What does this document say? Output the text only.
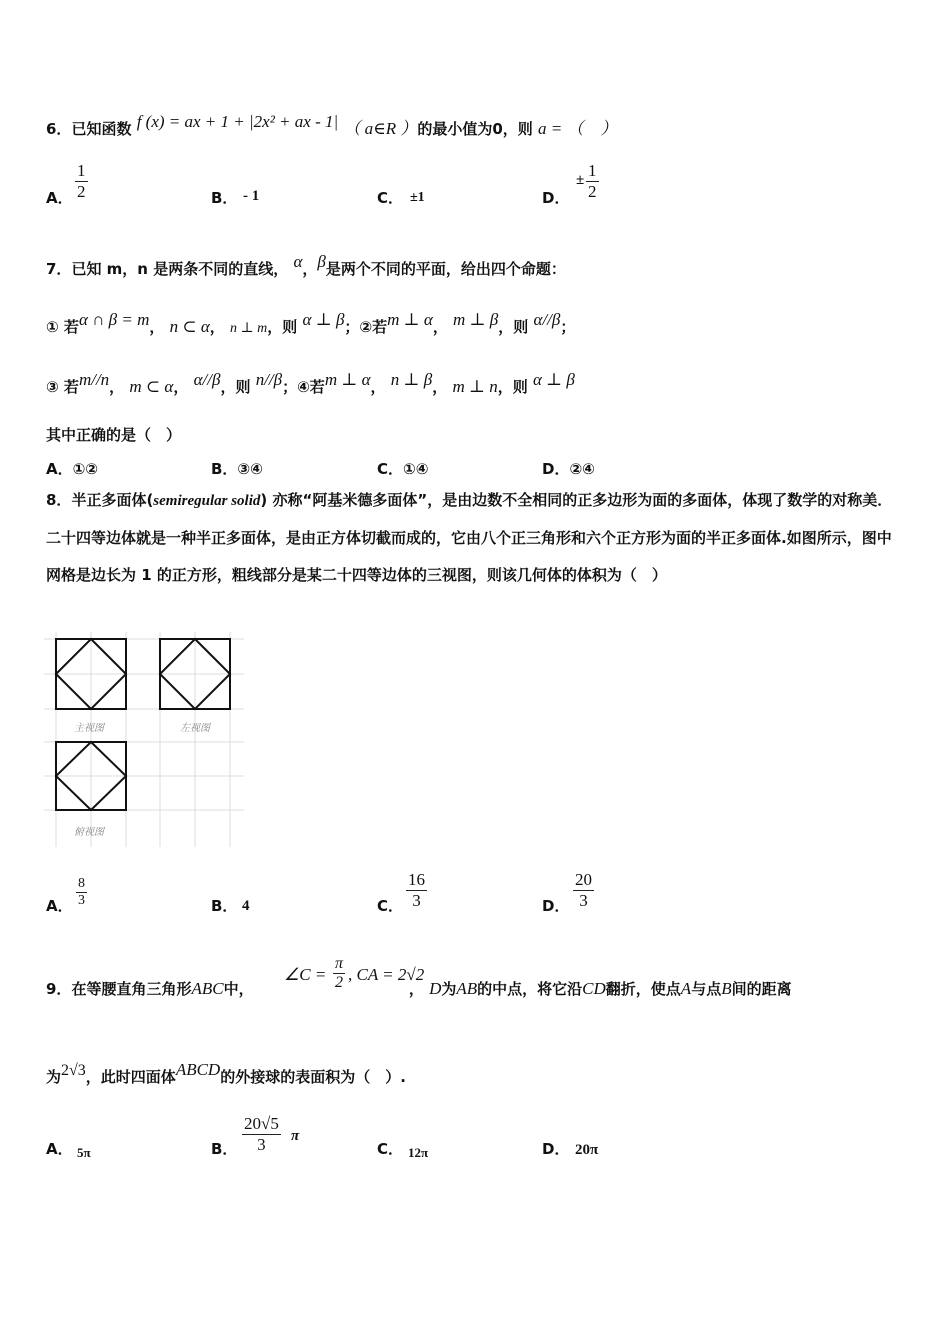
6．已知函数 f (x) = ax + 1 + |2x² + ax - 1| （ a∈R ）的最小值为0，则 a = （　）
A． $\frac{1}{2}$	B． - 1	C． ±1	D．
± $\frac{1}{2}$
7．已知 m，n 是两条不同的直线， α，β是两个不同的平面，给出四个命题：
① 若α ∩ β = m， n ⊂ α， n ⊥ m，则 α ⊥ β；②若m ⊥ α， m ⊥ β，则 α//β；
③ 若m//n， m ⊂ α， α//β，则 n//β；④若m ⊥ α， n ⊥ β， m ⊥ n，则 α ⊥ β
其中正确的是（　）
A．①②	B．③④	C．①④	D．②④
8．半正多面体(semiregular solid) 亦称“阿基米德多面体”，是由边数不全相同的正多边形为面的多面体，体现了数学的对称美．二十四等边体就是一种半正多面体，是由正方体切截而成的，它由八个正三角形和六个正方形为面的半正多面体.如图所示，图中网格是边长为 1 的正方形，粗线部分是某二十四等边体的三视图，则该几何体的体积为（　）
主视图	左视图
俯视图
A． $\frac{8}{3}$	B． 4	C． $\frac{16}{3}$	D． $\frac{20}{3}$
9．在等腰直角三角形ABC中，	， D为AB的中点，将它沿CD翻折，使点A与点B间的距离
∠C = $\frac{\pi}{2}$ , CA = 2√2
为2√3，此时四面体ABCD的外接球的表面积为（　）.
A． 5π	B． $\frac{20√5}{3}$ π
C． 12π	D． 20π
